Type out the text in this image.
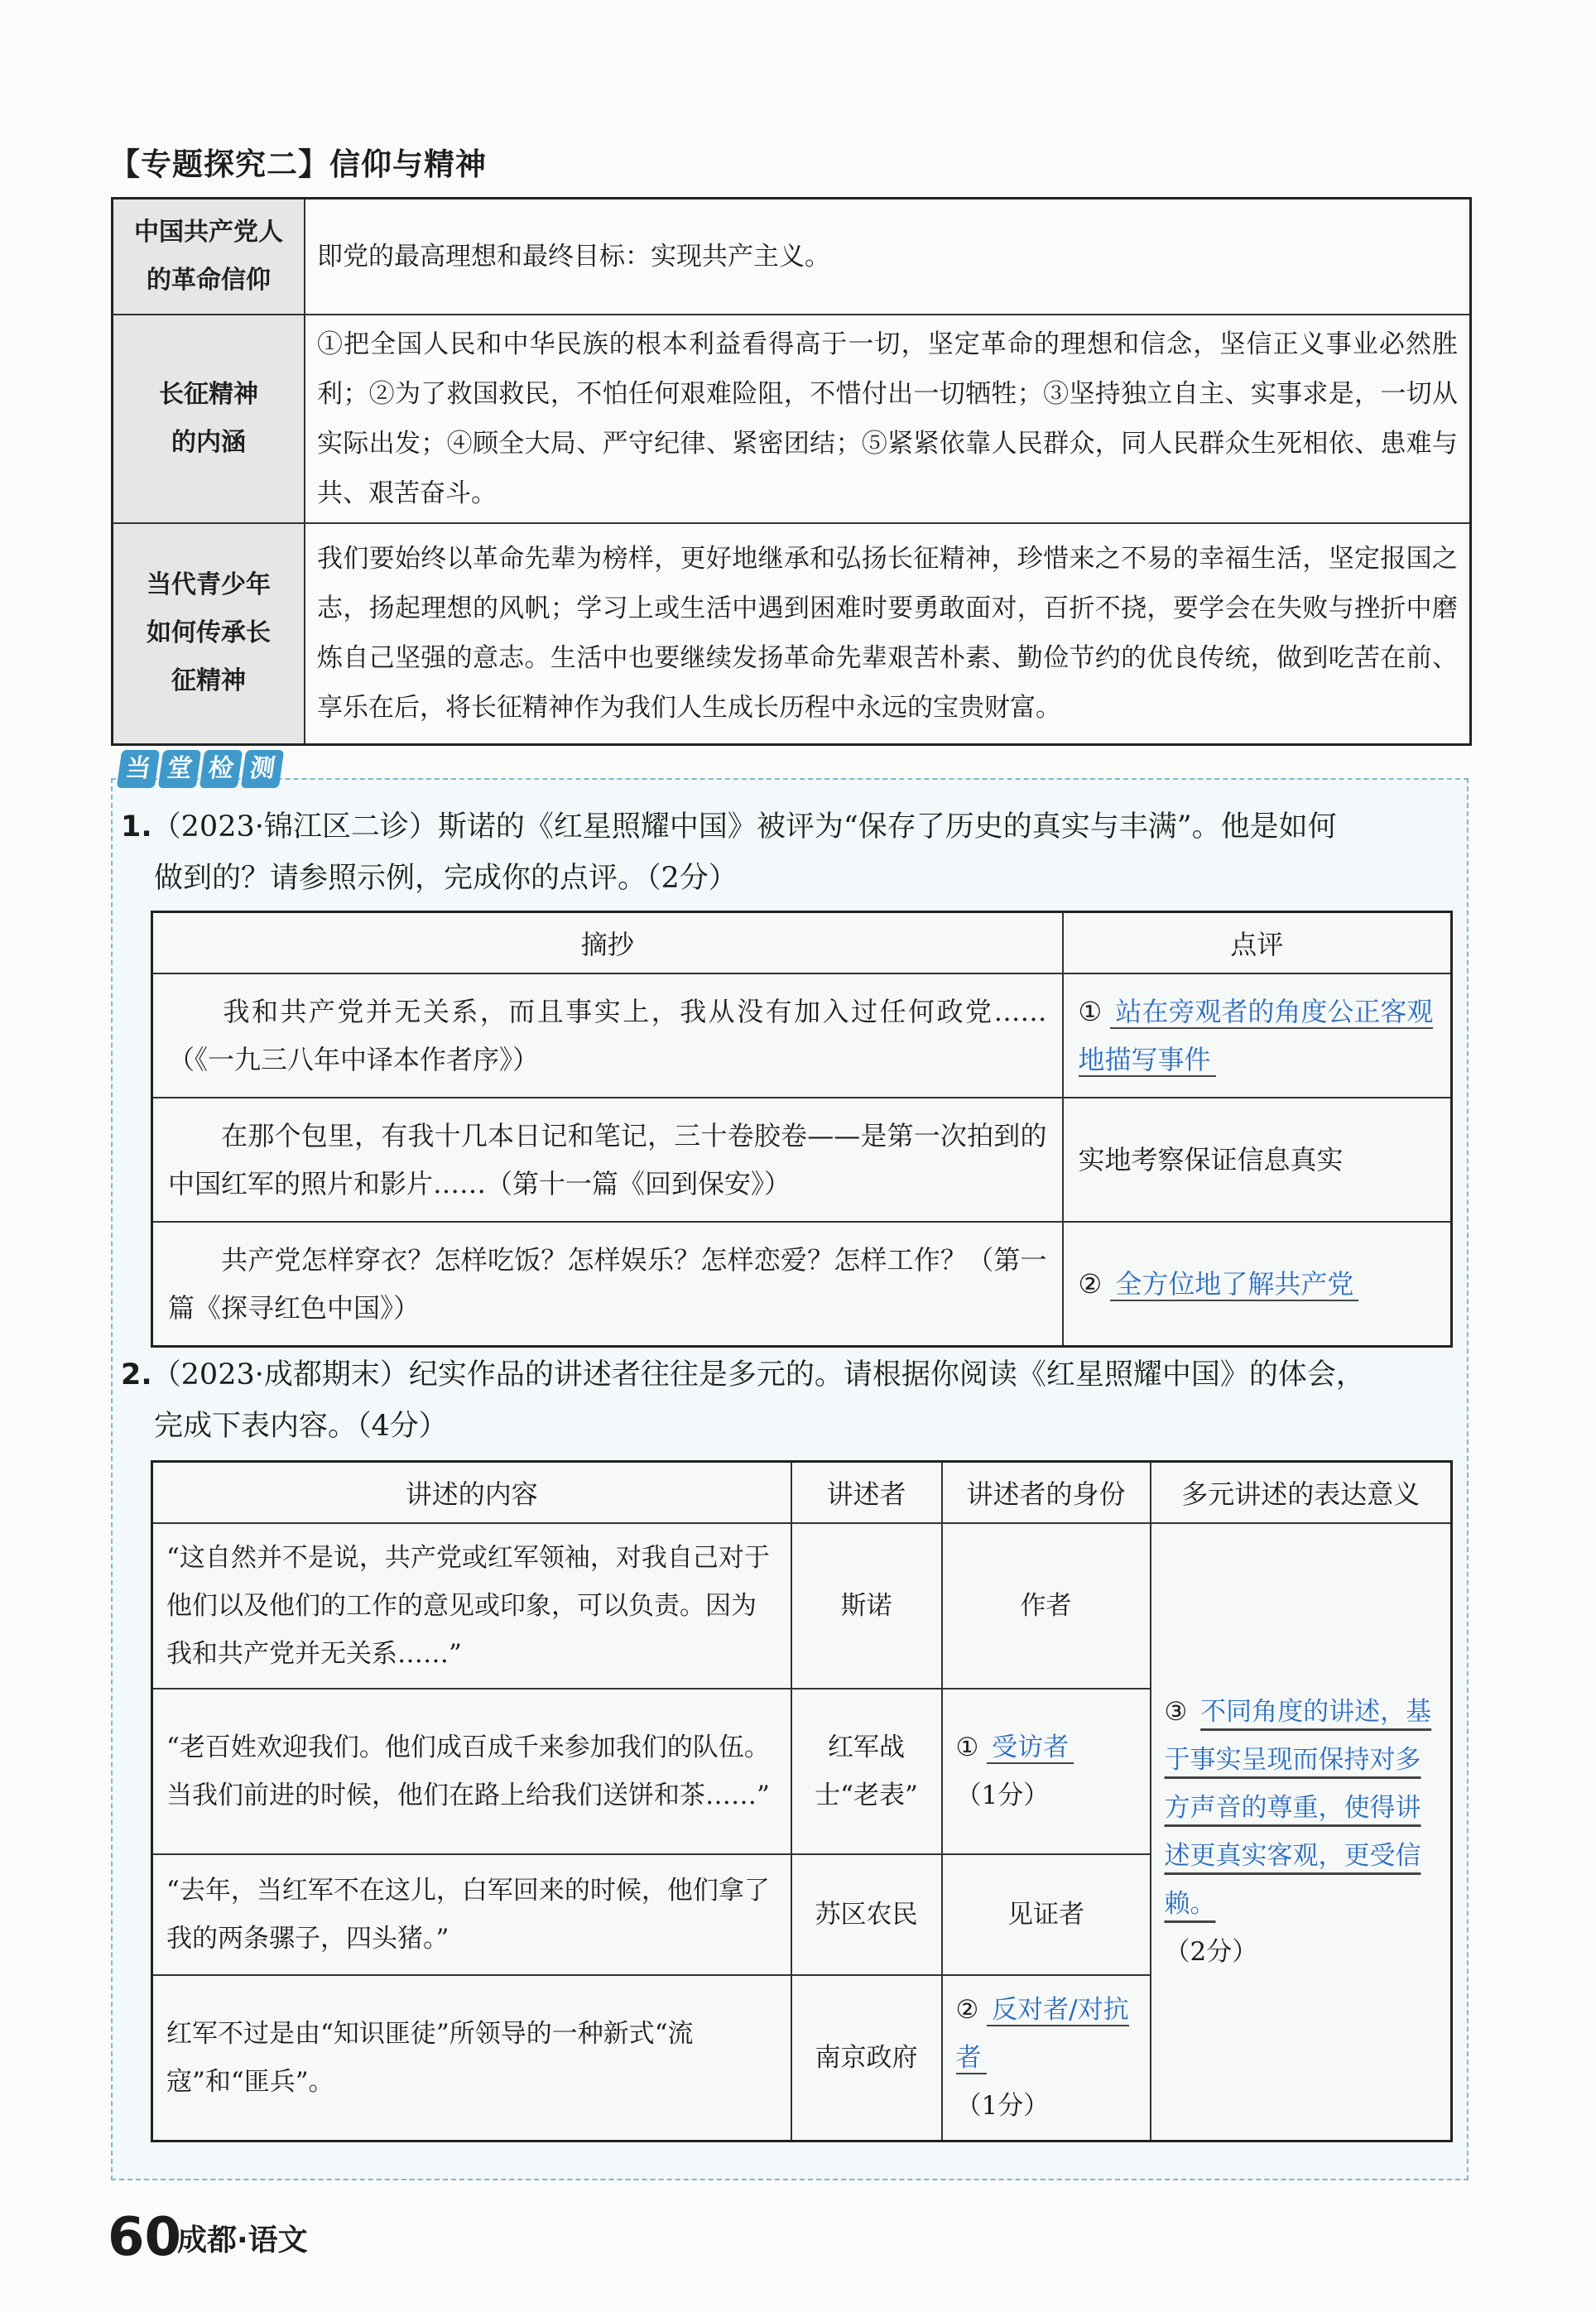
【专题探究二】信仰与精神
中国共产党人
的革命信仰	即党的最高理想和最终目标：实现共产主义。

长征精神
的内涵	①把全国人民和中华民族的根本利益看得高于一切，坚定革命的理想和信念，坚信正义事业必然胜利；②为了救国救民，不怕任何艰难险阻，不惜付出一切牺牲；③坚持独立自主、实事求是，一切从实际出发；④顾全大局、严守纪律、紧密团结；⑤紧紧依靠人民群众，同人民群众生死相依、患难与共、艰苦奋斗。

当代青少年
如何传承长
征精神	我们要始终以革命先辈为榜样，更好地继承和弘扬长征精神，珍惜来之不易的幸福生活，坚定报国之志，扬起理想的风帆；学习上或生活中遇到困难时要勇敢面对，百折不挠，要学会在失败与挫折中磨炼自己坚强的意志。生活中也要继续发扬革命先辈艰苦朴素、勤俭节约的优良传统，做到吃苦在前、享乐在后，将长征精神作为我们人生成长历程中永远的宝贵财富。
当 堂 检 测
1.（2023·锦江区二诊）斯诺的《红星照耀中国》被评为“保存了历史的真实与丰满”。他是如何
做到的？请参照示例，完成你的点评。（2分）
摘抄	点评
我和共产党并无关系，而且事实上，我从没有加入过任何政党……（《一九三八年中译本作者序》）	① 站在旁观者的角度公正客观地描写事件
在那个包里，有我十几本日记和笔记，三十卷胶卷——是第一次拍到的中国红军的照片和影片……（第十一篇《回到保安》）	实地考察保证信息真实
共产党怎样穿衣？怎样吃饭？怎样娱乐？怎样恋爱？怎样工作？（第一篇《探寻红色中国》）	② 全方位地了解共产党
2.（2023·成都期末）纪实作品的讲述者往往是多元的。请根据你阅读《红星照耀中国》的体会，
完成下表内容。（4分）
讲述的内容	讲述者	讲述者的身份	多元讲述的表达意义
“这自然并不是说，共产党或红军领袖，对我自己对于他们以及他们的工作的意见或印象，可以负责。因为我和共产党并无关系……”	斯诺	作者	③ 不同角度的讲述，基于事实呈现而保持对多方声音的尊重，使得讲述更真实客观，更受信赖。
（2分）

“老百姓欢迎我们。他们成百成千来参加我们的队伍。当我们前进的时候，他们在路上给我们送饼和茶……”	红军战士“老表”	① 受访者
（1分）	

“去年，当红军不在这儿，白军回来的时候，他们拿了我的两条骡子，四头猪。”	苏区农民	见证者	
红军不过是由“知识匪徒”所领导的一种新式“流寇”和“匪兵”。	南京政府	② 反对者/对抗者
（1分）	
60
成都·语文
